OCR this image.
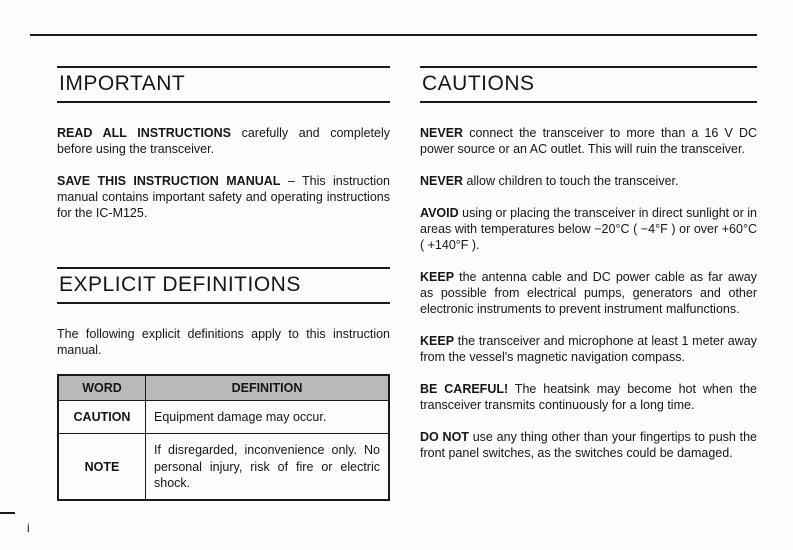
IMPORTANT

READ ALL INSTRUCTIONS carefully and completely before using the transceiver.

SAVE THIS INSTRUCTION MANUAL – This instruction manual contains important safety and operating instructions for the IC-M125.

EXPLICIT DEFINITIONS

The following explicit definitions apply to this instruction manual.

WORD	DEFINITION
CAUTION	Equipment damage may occur.
NOTE	If disregarded, inconvenience only. No personal injury, risk of fire or electric shock.
CAUTIONS

NEVER connect the transceiver to more than a 16 V DC power source or an AC outlet. This will ruin the transceiver.

NEVER allow children to touch the transceiver.

AVOID using or placing the transceiver in direct sunlight or in areas with temperatures below −20°C ( −4°F ) or over +60°C ( +140°F ).

KEEP the antenna cable and DC power cable as far away as possible from electrical pumps, generators and other electronic instruments to prevent instrument malfunctions.

KEEP the transceiver and microphone at least 1 meter away from the vessel's magnetic navigation compass.

BE CAREFUL! The heatsink may become hot when the transceiver transmits continuously for a long time.

DO NOT use any thing other than your fingertips to push the front panel switches, as the switches could be damaged.

i
